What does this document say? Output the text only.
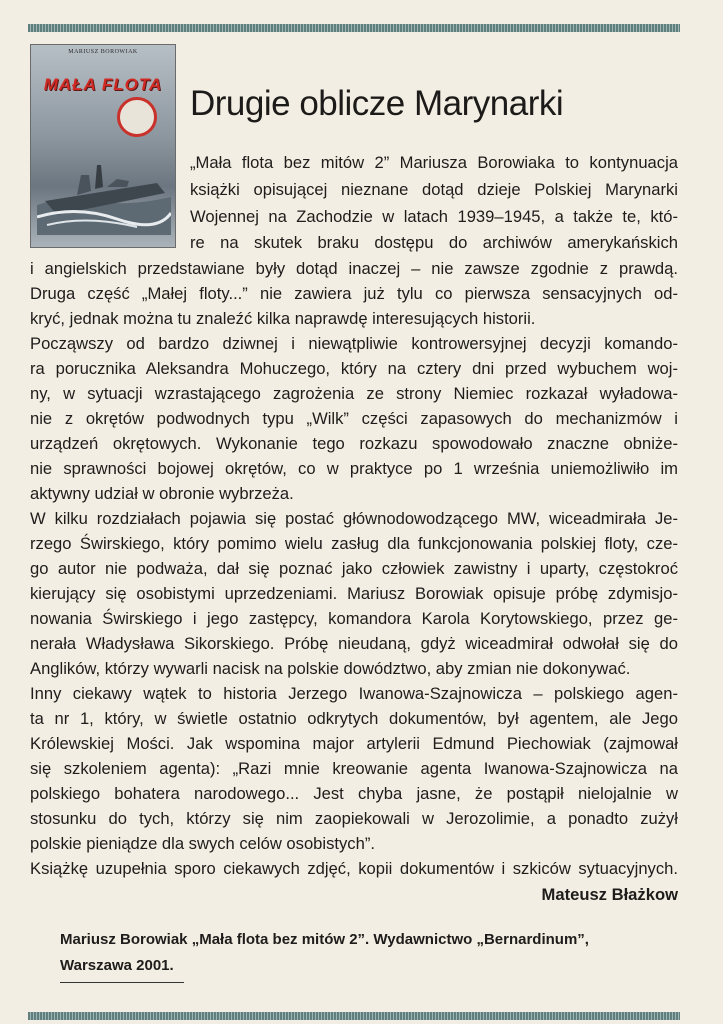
MARIUSZ BOROWIAK
MAŁA FLOTA Drugie oblicze Marynarki
„Mała flota bez mitów 2” Mariusza Borowiaka to kontynuacja
książki opisującej nieznane dotąd dzieje Polskiej Marynarki
Wojennej na Zachodzie w latach 1939–1945, a także te, któ-
re na skutek braku dostępu do archiwów amerykańskich
i angielskich przedstawiane były dotąd inaczej – nie zawsze zgodnie z prawdą.
Druga część „Małej floty...” nie zawiera już tylu co pierwsza sensacyjnych od-
kryć, jednak można tu znaleźć kilka naprawdę interesujących historii.
Począwszy od bardzo dziwnej i niewątpliwie kontrowersyjnej decyzji komando-
ra porucznika Aleksandra Mohuczego, który na cztery dni przed wybuchem woj-
ny, w sytuacji wzrastającego zagrożenia ze strony Niemiec rozkazał wyładowa-
nie z okrętów podwodnych typu „Wilk” części zapasowych do mechanizmów i
urządzeń okrętowych. Wykonanie tego rozkazu spowodowało znaczne obniże-
nie sprawności bojowej okrętów, co w praktyce po 1 września uniemożliwiło im
aktywny udział w obronie wybrzeża.
W kilku rozdziałach pojawia się postać głównodowodzącego MW, wiceadmirała Je-
rzego Świrskiego, który pomimo wielu zasług dla funkcjonowania polskiej floty, cze-
go autor nie podważa, dał się poznać jako człowiek zawistny i uparty, częstokroć
kierujący się osobistymi uprzedzeniami. Mariusz Borowiak opisuje próbę zdymisjo-
nowania Świrskiego i jego zastępcy, komandora Karola Korytowskiego, przez ge-
nerała Władysława Sikorskiego. Próbę nieudaną, gdyż wiceadmirał odwołał się do
Anglików, którzy wywarli nacisk na polskie dowództwo, aby zmian nie dokonywać.
Inny ciekawy wątek to historia Jerzego Iwanowa-Szajnowicza – polskiego agen-
ta nr 1, który, w świetle ostatnio odkrytych dokumentów, był agentem, ale Jego
Królewskiej Mości. Jak wspomina major artylerii Edmund Piechowiak (zajmował
się szkoleniem agenta): „Razi mnie kreowanie agenta Iwanowa-Szajnowicza na
polskiego bohatera narodowego... Jest chyba jasne, że postąpił nielojalnie w
stosunku do tych, którzy się nim zaopiekowali w Jerozolimie, a ponadto zużył
polskie pieniądze dla swych celów osobistych”.
Książkę uzupełnia sporo ciekawych zdjęć, kopii dokumentów i szkiców sytuacyjnych.
Mateusz Błażkow
Mariusz Borowiak „Mała flota bez mitów 2”. Wydawnictwo „Bernardinum”,
Warszawa 2001.
